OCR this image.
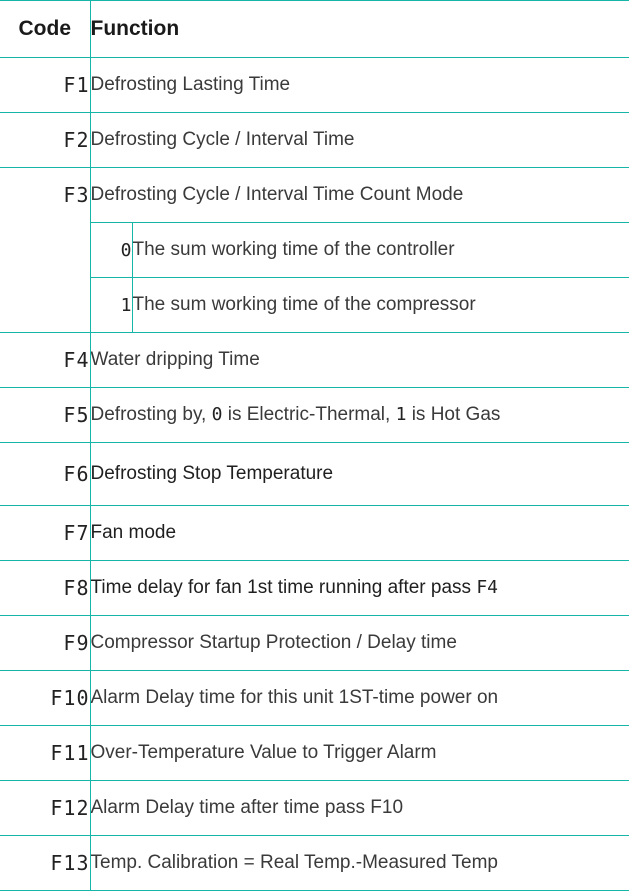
Code	Function	
F1	Defrosting Lasting Time	
F2	Defrosting Cycle / Interval Time	
F3	Defrosting Cycle / Interval Time Count Mode	
	0	The sum working time of the controller
	1	The sum working time of the compressor
F4	Water dripping Time	
F5	Defrosting by, 0 is Electric-Thermal, 1 is Hot Gas	
F6	Defrosting Stop Temperature	
F7	Fan mode	
F8	Time delay for fan 1st time running after pass F4	
F9	Compressor Startup Protection / Delay time	
F10	Alarm Delay time for this unit 1ST-time power on	
F11	Over-Temperature Value to Trigger Alarm	
F12	Alarm Delay time after time pass F10	
F13	Temp. Calibration = Real Temp.-Measured Temp	
